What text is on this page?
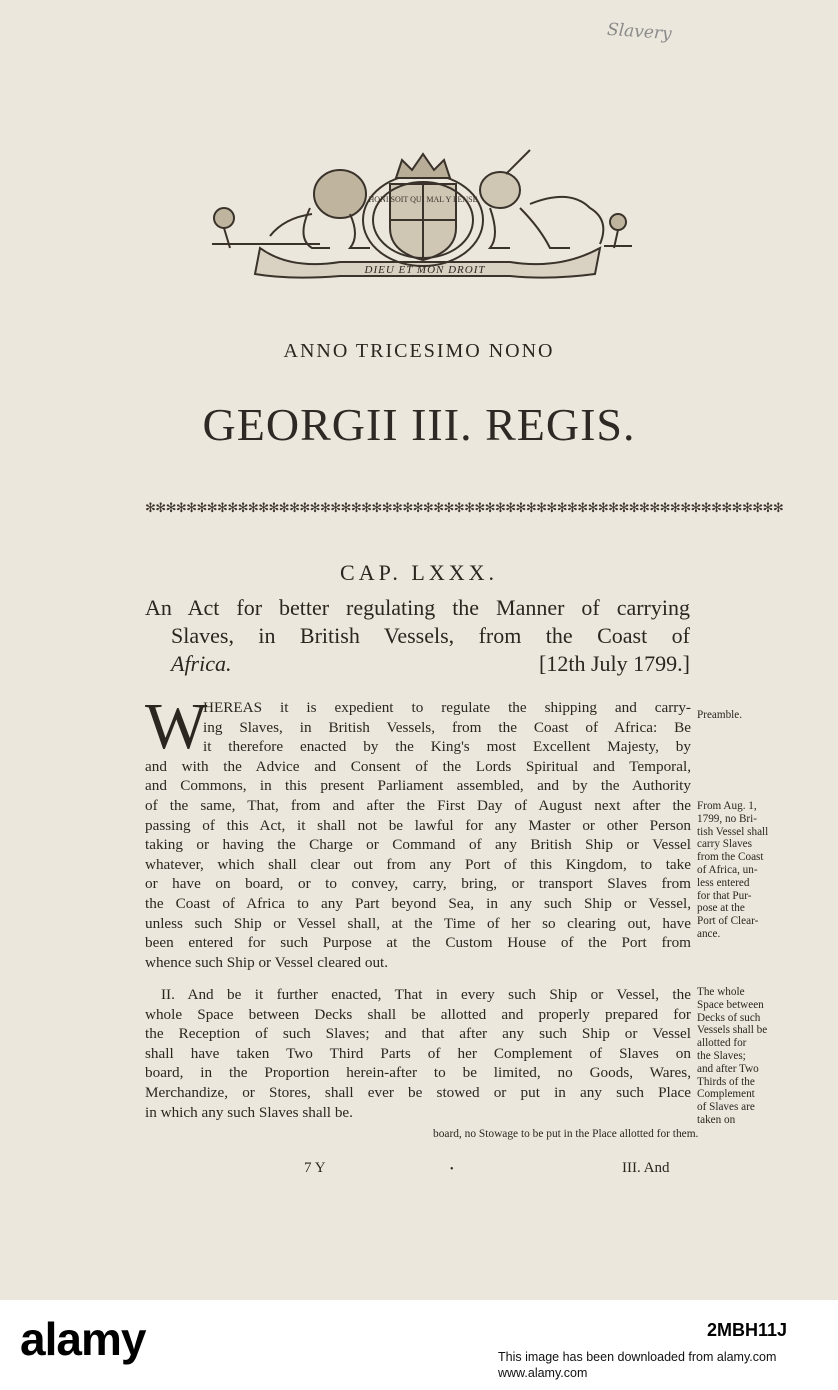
Slavery
HONI SOIT QUI MAL Y PENSE
DIEU ET MON DROIT
ANNO TRICESIMO NONO
GEORGII III. REGIS.
✻✻✻✻✻✻✻✻✻✻✻✻✻✻✻✻✻✻✻✻✻✻✻✻✻✻✻✻✻✻✻✻✻✻✻✻✻✻✻✻✻✻✻✻✻✻✻✻✻✻✻✻✻✻✻✻✻✻✻✻✻✻
CAP. LXXX.
An Act for better regulating the Manner of carrying
Slaves, in British Vessels, from the Coast of
Africa.	[12th July 1799.]
W
HEREAS it is expedient to regulate the shipping and carry-
ing Slaves, in British Vessels, from the Coast of Africa: Be
it therefore enacted by the King's most Excellent Majesty, by
and with the Advice and Consent of the Lords Spiritual and Temporal,
and Commons, in this present Parliament assembled, and by the Authority
of the same, That, from and after the First Day of August next after the
passing of this Act, it shall not be lawful for any Master or other Person
taking or having the Charge or Command of any British Ship or Vessel
whatever, which shall clear out from any Port of this Kingdom, to take
or have on board, or to convey, carry, bring, or transport Slaves from
the Coast of Africa to any Part beyond Sea, in any such Ship or Vessel,
unless such Ship or Vessel shall, at the Time of her so clearing out, have
been entered for such Purpose at the Custom House of the Port from
whence such Ship or Vessel cleared out.
II. And be it further enacted, That in every such Ship or Vessel, the
whole Space between Decks shall be allotted and properly prepared for
the Reception of such Slaves; and that after any such Ship or Vessel
shall have taken Two Third Parts of her Complement of Slaves on
board, in the Proportion herein-after to be limited, no Goods, Wares,
Merchandize, or Stores, shall ever be stowed or put in any such Place
in which any such Slaves shall be.
Preamble.
From Aug. 1,
1799, no Bri-
tish Vessel shall
carry Slaves
from the Coast
of Africa, un-
less entered
for that Pur-
pose at the
Port of Clear-
ance.
The whole
Space between
Decks of such
Vessels shall be
allotted for
the Slaves;
and after Two
Thirds of the
Complement
of Slaves are
taken on
board, no Stowage to be put in the Place allotted for them.
7 Y	•	III. And
alamy	2MBH11J
This image has been downloaded from alamy.com
www.alamy.com
